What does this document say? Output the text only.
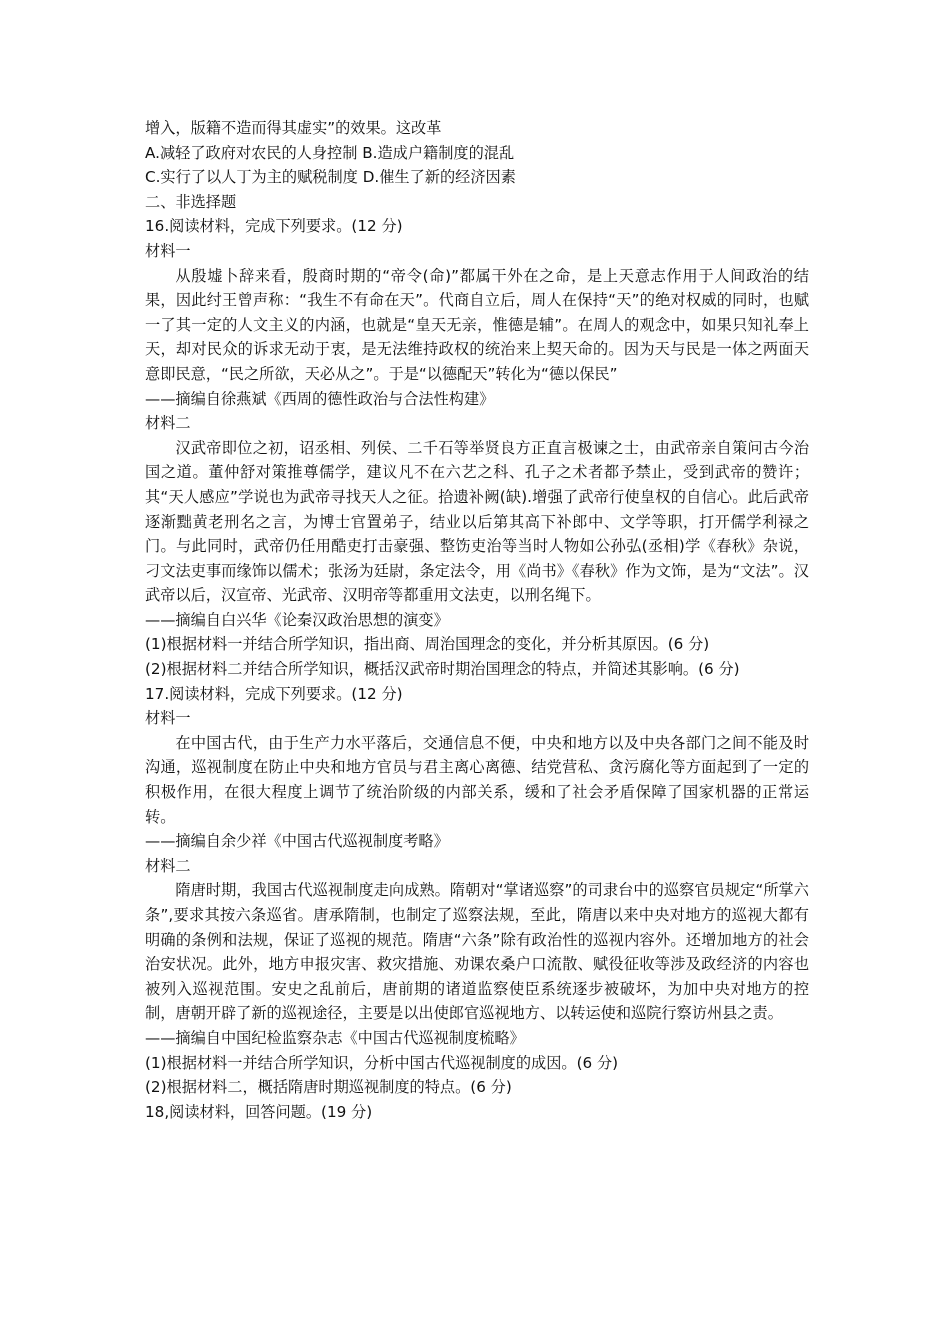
增入，版籍不造而得其虚实”的效果。这改革
A.减轻了政府对农民的人身控制 B.造成户籍制度的混乱
C.实行了以人丁为主的赋税制度 D.催生了新的经济因素
二、非选择题
16.阅读材料，完成下列要求。(12 分)
材料一
从殷墟卜辞来看，殷商时期的“帝令(命)”都属干外在之命，是上天意志作用于人间政治的结果，因此纣王曾声称：“我生不有命在天”。代商自立后，周人在保持“天”的绝对权威的同时，也赋一了其一定的人文主义的内涵，也就是“皇天无亲，惟德是辅”。在周人的观念中，如果只知礼奉上天，却对民众的诉求无动于衷，是无法维持政权的统治来上契天命的。因为天与民是一体之两面天意即民意，“民之所欲，天必从之”。于是“以德配天”转化为“德以保民”
——摘编自徐燕斌《西周的德性政治与合法性构建》
材料二
汉武帝即位之初，诏丞相、列侯、二千石等举贤良方正直言极谏之士，由武帝亲自策问古今治国之道。董仲舒对策推尊儒学，建议凡不在六艺之科、孔子之术者都予禁止，受到武帝的赞许；其“天人感应”学说也为武帝寻找天人之征。拾遗补阙(缺).增强了武帝行使皇权的自信心。此后武帝逐渐黜黄老刑名之言，为博士官置弟子，结业以后第其高下补郎中、文学等职，打开儒学利禄之门。与此同时，武帝仍任用酷吏打击豪强、整饬吏治等当时人物如公孙弘(丞相)学《春秋》杂说，刁文法吏事而缘饰以儒术；张汤为廷尉，条定法令，用《尚书》《春秋》作为文饰，是为“文法”。汉武帝以后，汉宣帝、光武帝、汉明帝等都重用文法吏，以刑名绳下。
——摘编自白兴华《论秦汉政治思想的演变》
(1)根据材料一并结合所学知识，指出商、周治国理念的变化，并分析其原因。(6 分)
(2)根据材料二并结合所学知识，概括汉武帝时期治国理念的特点，并简述其影响。(6 分)
17.阅读材料，完成下列要求。(12 分)
材料一
在中国古代，由于生产力水平落后，交通信息不便，中央和地方以及中央各部门之间不能及时沟通，巡视制度在防止中央和地方官员与君主离心离德、结党营私、贪污腐化等方面起到了一定的积极作用，在很大程度上调节了统治阶级的内部关系，缓和了社会矛盾保障了国家机器的正常运转。
——摘编自余少祥《中国古代巡视制度考略》
材料二
隋唐时期，我国古代巡视制度走向成熟。隋朝对“掌诸巡察”的司隶台中的巡察官员规定“所掌六条”,要求其按六条巡省。唐承隋制，也制定了巡察法规，至此，隋唐以来中央对地方的巡视大都有明确的条例和法规，保证了巡视的规范。隋唐“六条”除有政治性的巡视内容外。还增加地方的社会治安状况。此外，地方申报灾害、救灾措施、劝课农桑户口流散、赋役征收等涉及政经济的内容也被列入巡视范围。安史之乱前后，唐前期的诸道监察使臣系统逐步被破坏，为加中央对地方的控制，唐朝开辟了新的巡视途径，主要是以出使郎官巡视地方、以转运使和巡院行察访州县之责。
——摘编自中国纪检监察杂志《中国古代巡视制度梳略》
(1)根据材料一并结合所学知识，分析中国古代巡视制度的成因。(6 分)
(2)根据材料二，概括隋唐时期巡视制度的特点。(6 分)
18,阅读材料，回答问题。(19 分)
